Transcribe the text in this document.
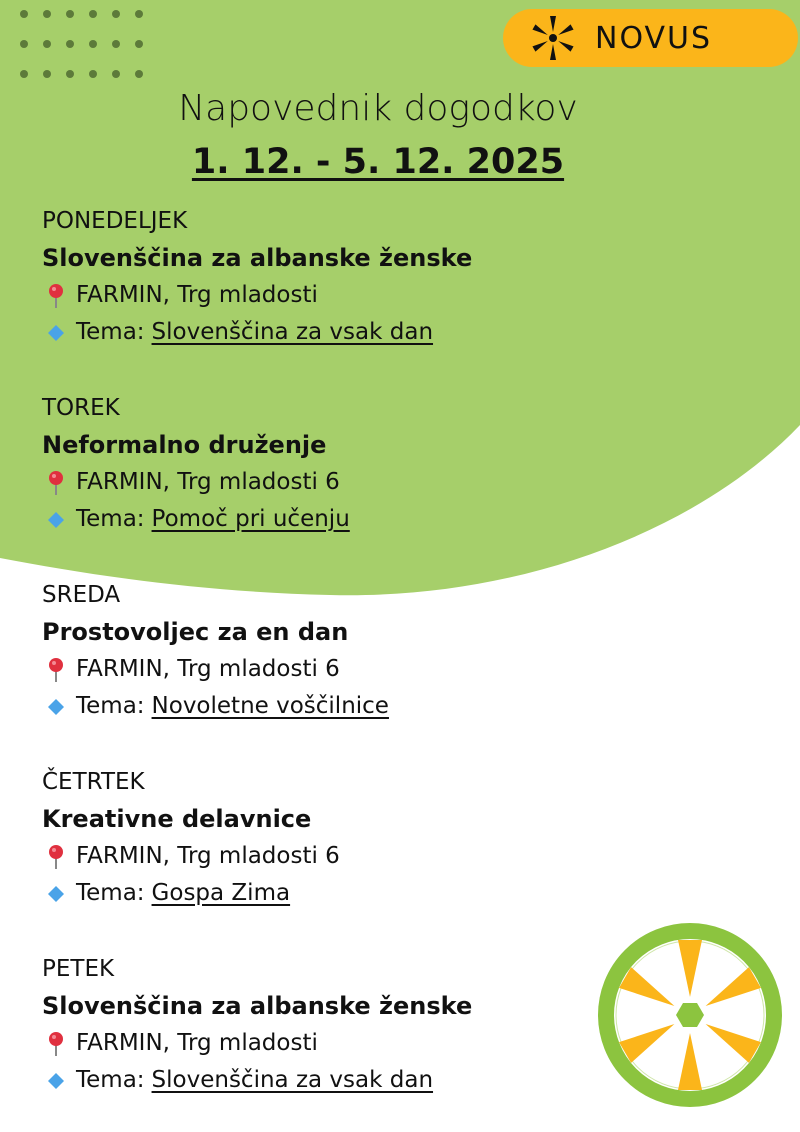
NOVUS
Napovednik dogodkov
1. 12. - 5. 12. 2025
PONEDELJEK
Slovenščina za albanske ženske
FARMIN, Trg mladosti
Tema: Slovenščina za vsak dan
TOREK
Neformalno druženje
FARMIN, Trg mladosti 6
Tema: Pomoč pri učenju
SREDA
Prostovoljec za en dan
FARMIN, Trg mladosti 6
Tema: Novoletne voščilnice
ČETRTEK
Kreativne delavnice
FARMIN, Trg mladosti 6
Tema: Gospa Zima
PETEK
Slovenščina za albanske ženske
FARMIN, Trg mladosti
Tema: Slovenščina za vsak dan
